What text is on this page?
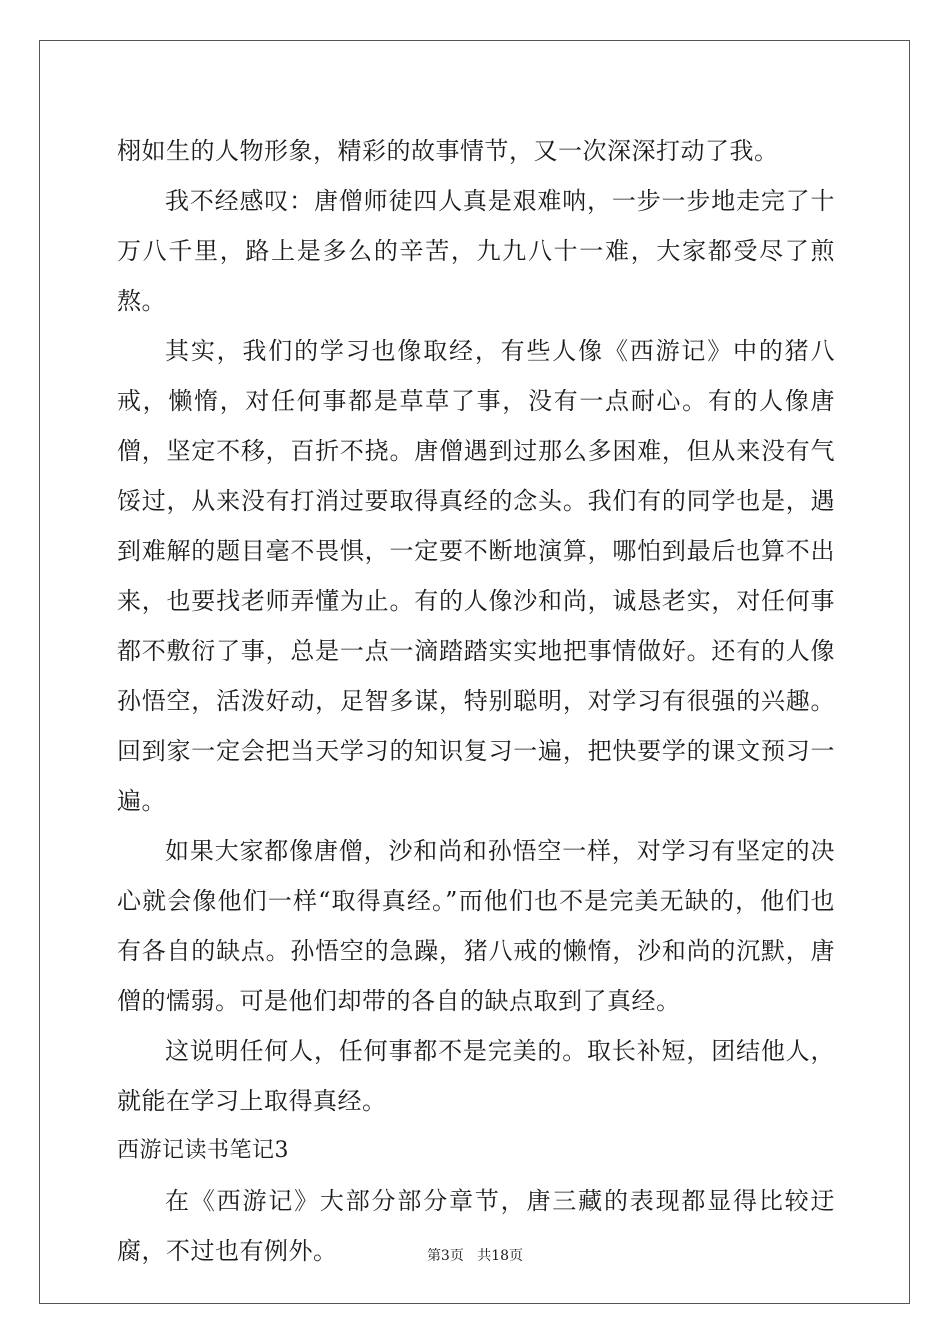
栩如生的人物形象，精彩的故事情节，又一次深深打动了我。

我不经感叹：唐僧师徒四人真是艰难呐，一步一步地走完了十万八千里，路上是多么的辛苦，九九八十一难，大家都受尽了煎熬。

其实，我们的学习也像取经，有些人像《西游记》中的猪八戒，懒惰，对任何事都是草草了事，没有一点耐心。有的人像唐僧，坚定不移，百折不挠。唐僧遇到过那么多困难，但从来没有气馁过，从来没有打消过要取得真经的念头。我们有的同学也是，遇到难解的题目毫不畏惧，一定要不断地演算，哪怕到最后也算不出来，也要找老师弄懂为止。有的人像沙和尚，诚恳老实，对任何事都不敷衍了事，总是一点一滴踏踏实实地把事情做好。还有的人像孙悟空，活泼好动，足智多谋，特别聪明，对学习有很强的兴趣。回到家一定会把当天学习的知识复习一遍，把快要学的课文预习一遍。

如果大家都像唐僧，沙和尚和孙悟空一样，对学习有坚定的决心就会像他们一样“取得真经。”而他们也不是完美无缺的，他们也有各自的缺点。孙悟空的急躁，猪八戒的懒惰，沙和尚的沉默，唐僧的懦弱。可是他们却带的各自的缺点取到了真经。

这说明任何人，任何事都不是完美的。取长补短，团结他人，就能在学习上取得真经。

西游记读书笔记3

在《西游记》大部分部分章节，唐三藏的表现都显得比较迂腐，不过也有例外。	第3页 共18页
